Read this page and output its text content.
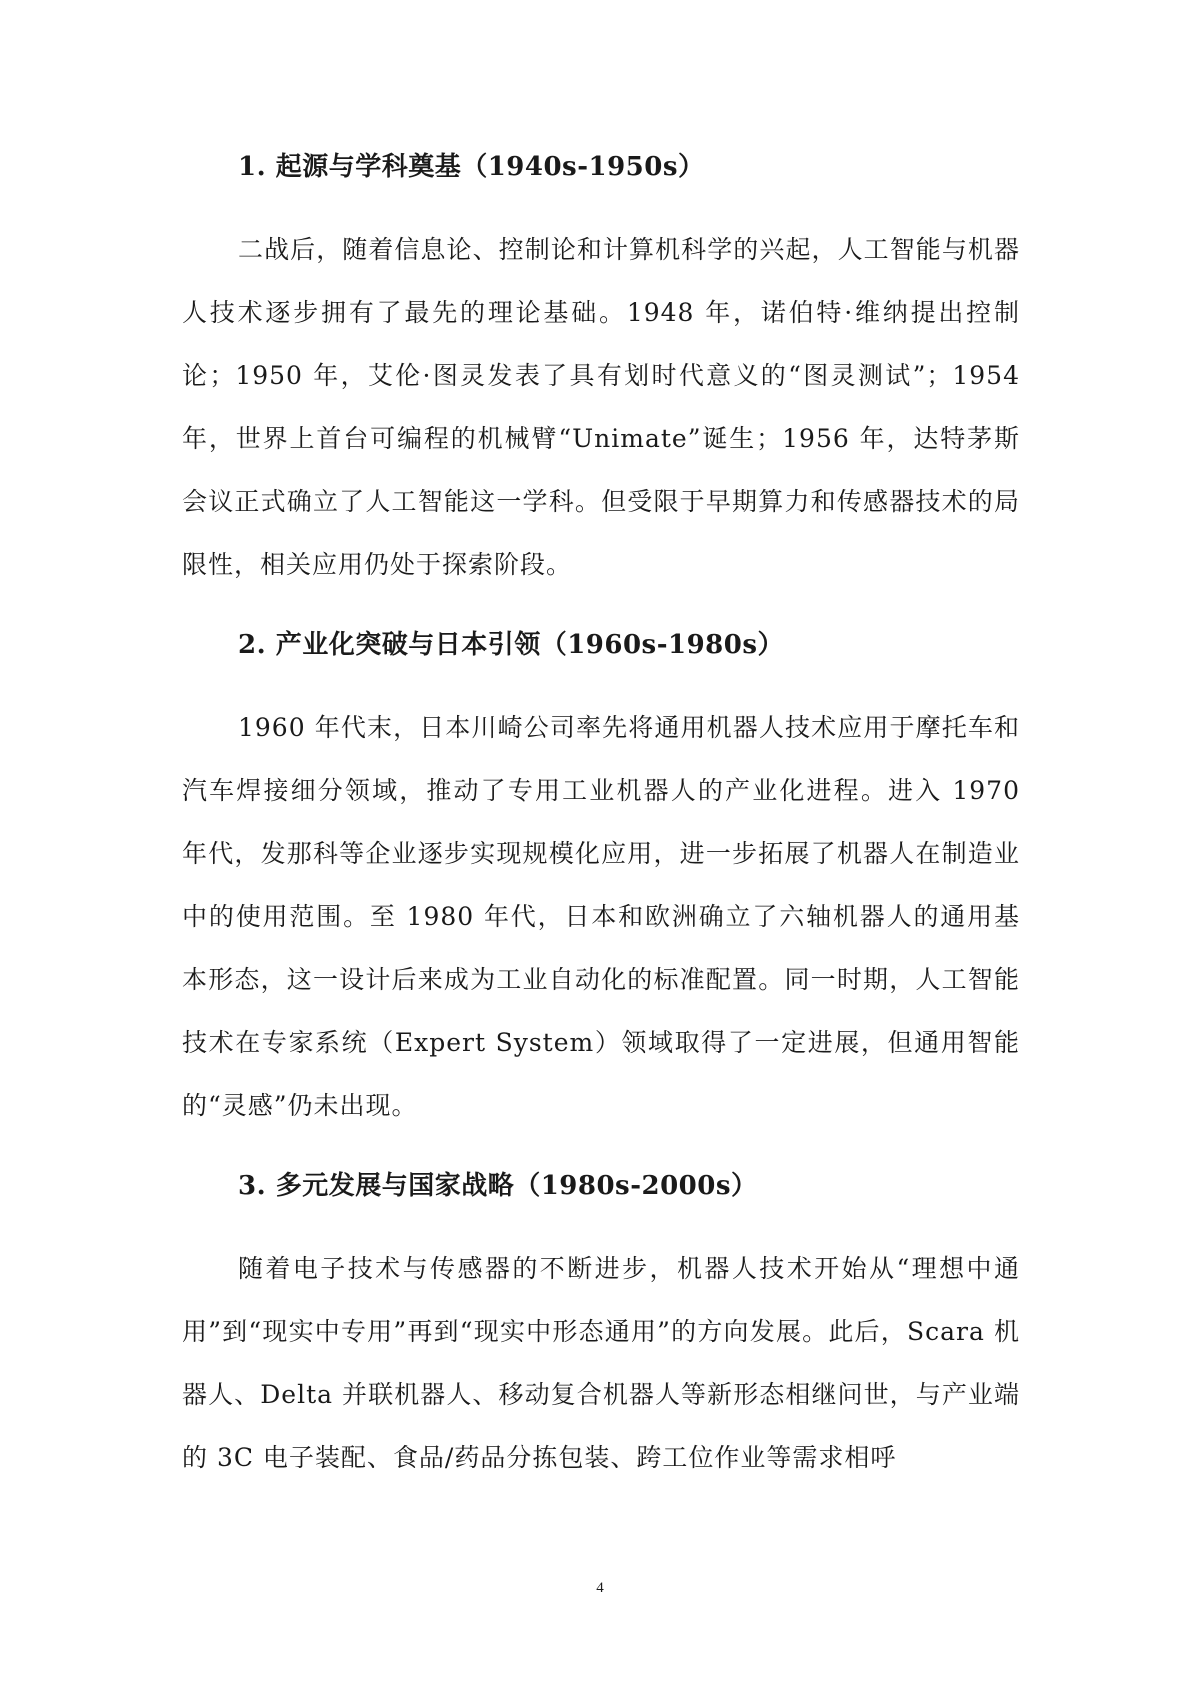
1. 起源与学科奠基（1940s-1950s）

二战后，随着信息论、控制论和计算机科学的兴起，人工智能与机器人技术逐步拥有了最先的理论基础。1948 年，诺伯特·维纳提出控制论；1950 年，艾伦·图灵发表了具有划时代意义的“图灵测试”；1954 年，世界上首台可编程的机械臂“Unimate”诞生；1956 年，达特茅斯会议正式确立了人工智能这一学科。但受限于早期算力和传感器技术的局限性，相关应用仍处于探索阶段。

2. 产业化突破与日本引领（1960s-1980s）

1960 年代末，日本川崎公司率先将通用机器人技术应用于摩托车和汽车焊接细分领域，推动了专用工业机器人的产业化进程。进入 1970 年代，发那科等企业逐步实现规模化应用，进一步拓展了机器人在制造业中的使用范围。至 1980 年代，日本和欧洲确立了六轴机器人的通用基本形态，这一设计后来成为工业自动化的标准配置。同一时期，人工智能技术在专家系统（Expert System）领域取得了一定进展，但通用智能的“灵感”仍未出现。

3. 多元发展与国家战略（1980s-2000s）

随着电子技术与传感器的不断进步，机器人技术开始从“理想中通用”到“现实中专用”再到“现实中形态通用”的方向发展。此后，Scara 机器人、Delta 并联机器人、移动复合机器人等新形态相继问世，与产业端的 3C 电子装配、食品/药品分拣包装、跨工位作业等需求相呼

4
